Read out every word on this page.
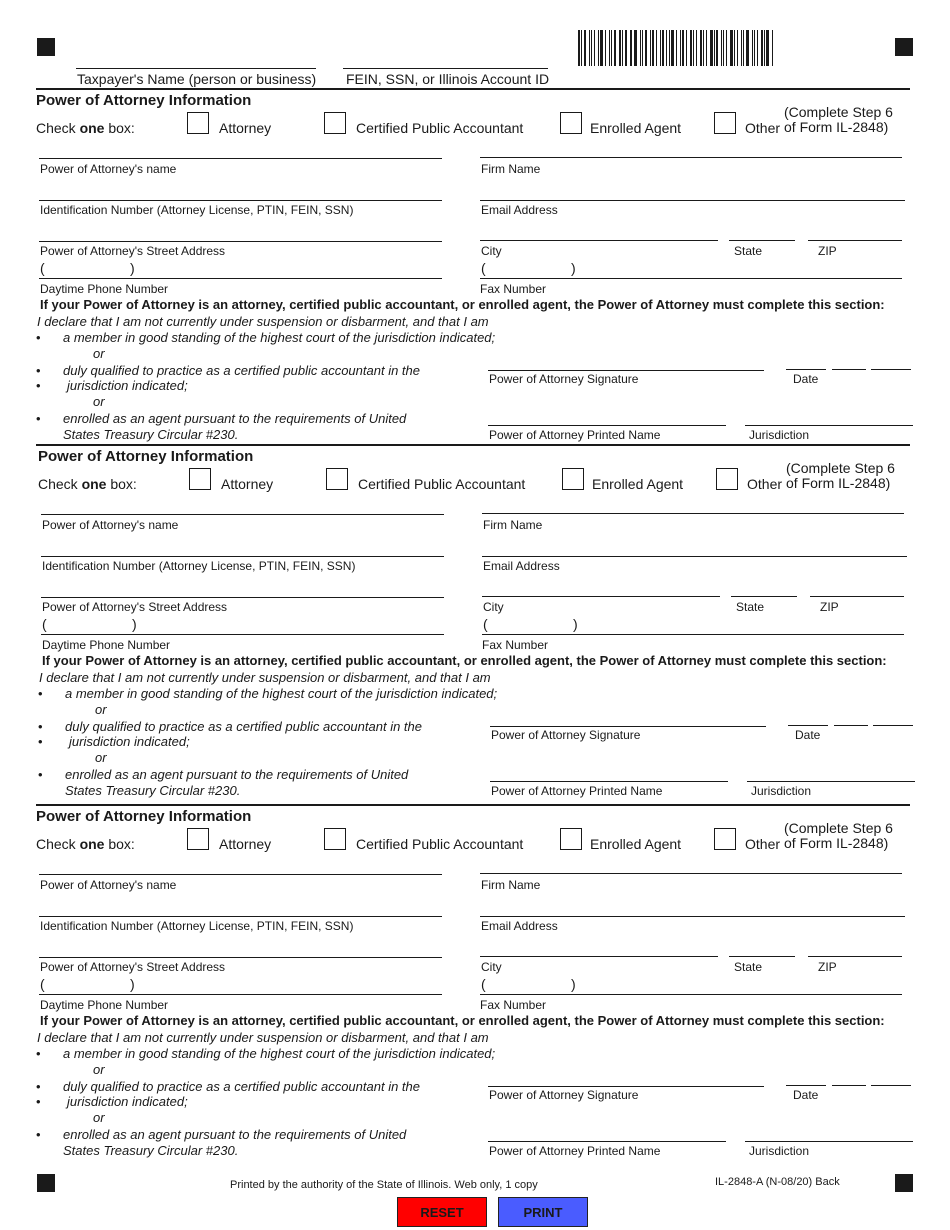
Taxpayer's Name (person or business) FEIN, SSN, or Illinois Account ID
Power of Attorney Information
Check one box:	Attorney	Certified Public Accountant	Enrolled Agent	Other
(Complete Step 6
of Form IL-2848)
Power of Attorney's name	Firm Name
Identification Number (Attorney License, PTIN, FEIN, SSN)	Email Address
Power of Attorney's Street Address	City	State	ZIP
(	)
Daytime Phone Number
(	)
Fax Number
If your Power of Attorney is an attorney, certified public accountant, or enrolled agent, the Power of Attorney must complete this section:
I declare that I am not currently under suspension or disbarment, and that I am
• a member in good standing of the highest court of the jurisdiction indicated;
or
• duly qualified to practice as a certified public accountant in the
• jurisdiction indicated;
or
• enrolled as an agent pursuant to the requirements of United
States Treasury Circular #230.
Power of Attorney Signature	Date
Power of Attorney Printed Name	Jurisdiction
Power of Attorney Information
Check one box:	Attorney	Certified Public Accountant	Enrolled Agent	Other
(Complete Step 6
of Form IL-2848)
Power of Attorney's name	Firm Name
Identification Number (Attorney License, PTIN, FEIN, SSN)	Email Address
Power of Attorney's Street Address	City	State	ZIP
(	)
Daytime Phone Number
(	)
Fax Number
If your Power of Attorney is an attorney, certified public accountant, or enrolled agent, the Power of Attorney must complete this section:
I declare that I am not currently under suspension or disbarment, and that I am
• a member in good standing of the highest court of the jurisdiction indicated;
or
• duly qualified to practice as a certified public accountant in the
• jurisdiction indicated;
or
• enrolled as an agent pursuant to the requirements of United
States Treasury Circular #230.
Power of Attorney Signature	Date
Power of Attorney Printed Name	Jurisdiction
Power of Attorney Information
Check one box:	Attorney	Certified Public Accountant	Enrolled Agent	Other
(Complete Step 6
of Form IL-2848)
Power of Attorney's name	Firm Name
Identification Number (Attorney License, PTIN, FEIN, SSN)	Email Address
Power of Attorney's Street Address	City	State	ZIP
(	)
Daytime Phone Number
(	)
Fax Number
If your Power of Attorney is an attorney, certified public accountant, or enrolled agent, the Power of Attorney must complete this section:
I declare that I am not currently under suspension or disbarment, and that I am
• a member in good standing of the highest court of the jurisdiction indicated;
or
• duly qualified to practice as a certified public accountant in the
• jurisdiction indicated;
or
• enrolled as an agent pursuant to the requirements of United
States Treasury Circular #230.
Power of Attorney Signature	Date
Power of Attorney Printed Name	Jurisdiction
Printed by the authority of the State of Illinois. Web only, 1 copy	IL-2848-A (N-08/20) Back
RESET	PRINT
